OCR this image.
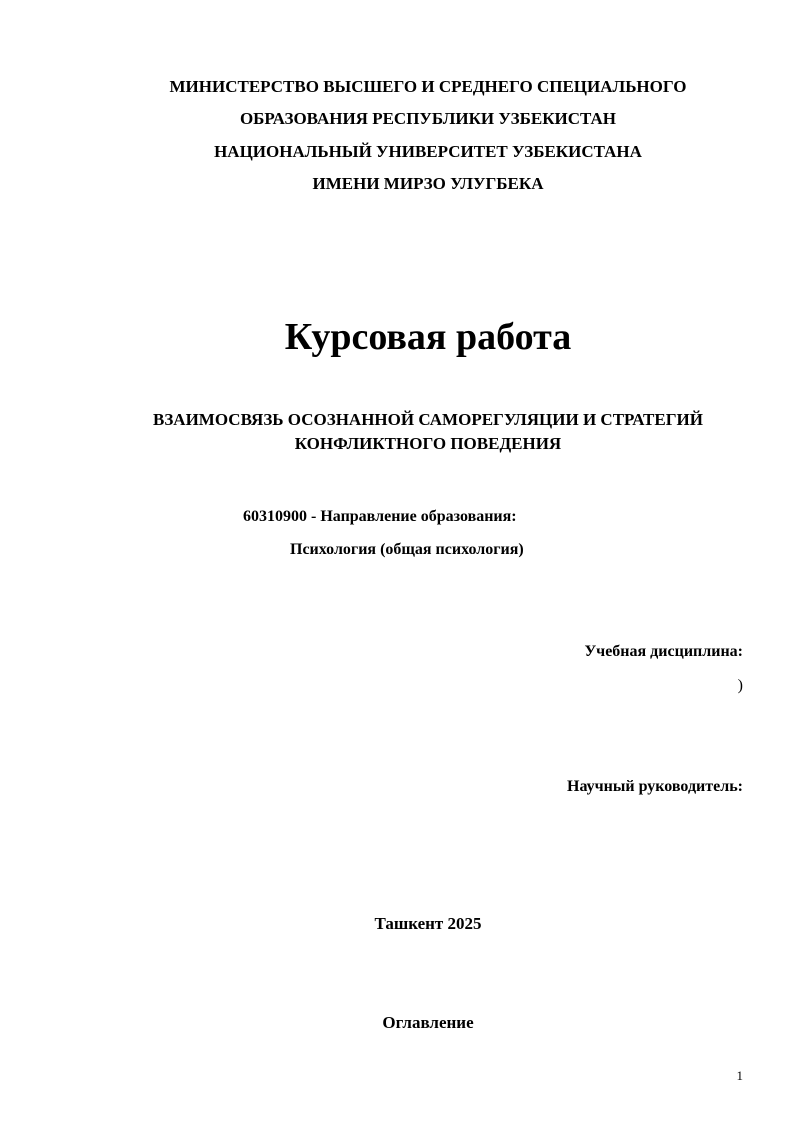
МИНИСТЕРСТВО ВЫСШЕГО И СРЕДНЕГО СПЕЦИАЛЬНОГО
ОБРАЗОВАНИЯ РЕСПУБЛИКИ УЗБЕКИСТАН
НАЦИОНАЛЬНЫЙ УНИВЕРСИТЕТ УЗБЕКИСТАНА
ИМЕНИ МИРЗО УЛУГБЕКА
Курсовая работа
ВЗАИМОСВЯЗЬ ОСОЗНАННОЙ САМОРЕГУЛЯЦИИ И СТРАТЕГИЙ
КОНФЛИКТНОГО ПОВЕДЕНИЯ
60310900 - Направление образования:
Психология (общая психология)
Учебная дисциплина:
)
Научный руководитель:
Ташкент 2025
Оглавление
1
